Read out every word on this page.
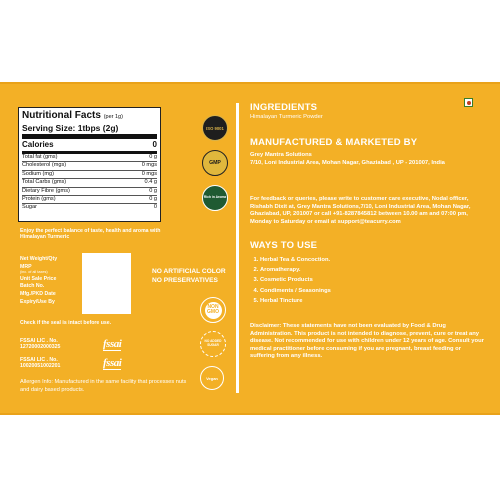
Nutritional Facts (per 1g)
Serving Size: 1tbps (2g)
Calories	0
Total fat (gms)	0 g
Cholesterol (mgs)	0 mgs
Sodium (mg)	0 mgs
Total Carbs (gms)	0.4 g
Dietary Fibre (gms)	0 g
Protein (gms)	0 g
Sugar	0
Enjoy the perfect balance of taste, health and aroma with Himalayan Turmeric
Net Weight/Qty
MRP
(inc. of all taxes)
Unit Sale Price
Batch No.
Mfg./PKD Date
Expiry/Use By
NO ARTIFICIAL COLOR
NO PRESERVATIVES
Check if the seal is intact before use.
FSSAI LIC . No.
12720002000325
FSSAI LIC . No.
10020051002201
fssai
fssai
Allergen Info: Manufactured in the same facility that processes nuts and dairy based products.
ISO 9001
GMP
Rich in Aroma
NON GMO
NO ADDED SUGAR
Vegan
INGREDIENTS
Himalayan Turmeric Powder
MANUFACTURED & MARKETED BY
Grey Mantra Solutions
7/10, Loni Industrial Area, Mohan Nagar, Ghaziabad , UP - 201007, India
For feedback or queries, please write to customer care executive, Nodal officer, Rishabh Dixit at, Grey Mantra Solutions,7/10, Loni Industrial Area, Mohan Nagar, Ghaziabad, UP, 201007 or call +91-8287845812 between 10.00 am and 07:00 pm, Monday to Saturday or email at support@teacurry.com
WAYS TO USE
1. Herbal Tea & Concoction.
2. Aromatherapy.
3. Cosmetic Products
4. Condiments / Seasonings
5. Herbal Tincture
Disclaimer: These statements have not been evaluated by Food & Drug Administration. This product is not intended to diagnose, prevent, cure or treat any disease. Not recommended for use with children under 12 years of age. Consult your medical practitioner before consuming if you are pregnant, breast feeding or suffering from any illness.
